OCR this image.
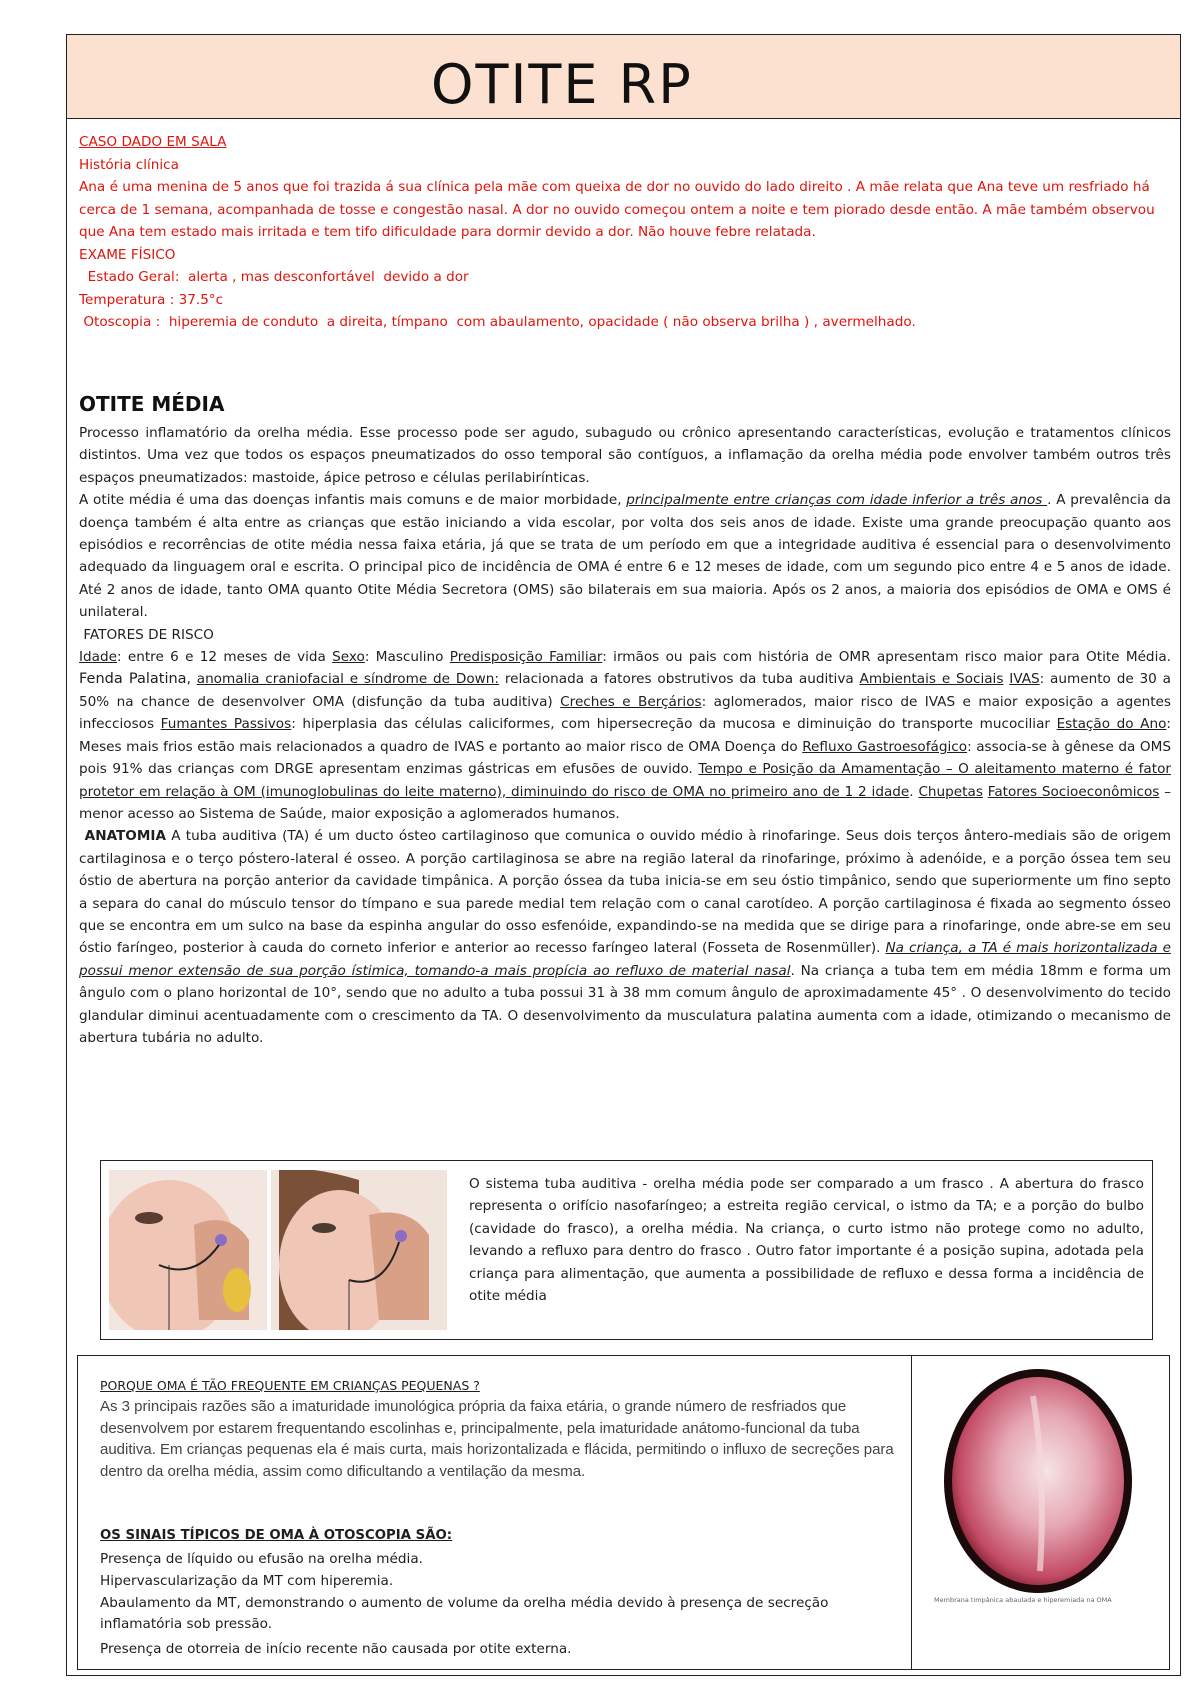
OTITE RP
CASO DADO EM SALA
História clínica
Ana é uma menina de 5 anos que foi trazida á sua clínica pela mãe com queixa de dor no ouvido do lado direito . A mãe relata que Ana teve um resfriado há cerca de 1 semana, acompanhada de tosse e congestão nasal. A dor no ouvido começou ontem a noite e tem piorado desde então. A mãe também observou que Ana tem estado mais irritada e tem tifo dificuldade para dormir devido a dor. Não houve febre relatada.
EXAME FÍSICO
Estado Geral:  alerta , mas desconfortável  devido a dor
Temperatura : 37.5°c
Otoscopia :  hiperemia de conduto  a direita, tímpano  com abaulamento, opacidade ( não observa brilha ) , avermelhado.
OTITE MÉDIA

Processo inflamatório da orelha média. Esse processo pode ser agudo, subagudo ou crônico apresentando características, evolução e tratamentos clínicos distintos. Uma vez que todos os espaços pneumatizados do osso temporal são contíguos, a inflamação da orelha média pode envolver também outros três espaços pneumatizados: mastoide, ápice petroso e células perilabirínticas.

A otite média é uma das doenças infantis mais comuns e de maior morbidade, principalmente entre crianças com idade inferior a três anos . A prevalência da doença também é alta entre as crianças que estão iniciando a vida escolar, por volta dos seis anos de idade. Existe uma grande preocupação quanto aos episódios e recorrências de otite média nessa faixa etária, já que se trata de um período em que a integridade auditiva é essencial para o desenvolvimento adequado da linguagem oral e escrita. O principal pico de incidência de OMA é entre 6 e 12 meses de idade, com um segundo pico entre 4 e 5 anos de idade. Até 2 anos de idade, tanto OMA quanto Otite Média Secretora (OMS) são bilaterais em sua maioria. Após os 2 anos, a maioria dos episódios de OMA e OMS é unilateral.

FATORES DE RISCO

Idade: entre 6 e 12 meses de vida Sexo: Masculino Predisposição Familiar: irmãos ou pais com história de OMR apresentam risco maior para Otite Média. Fenda Palatina, anomalia craniofacial e síndrome de Down: relacionada a fatores obstrutivos da tuba auditiva Ambientais e Sociais IVAS: aumento de 30 a 50% na chance de desenvolver OMA (disfunção da tuba auditiva) Creches e Berçários: aglomerados, maior risco de IVAS e maior exposição a agentes infecciosos Fumantes Passivos: hiperplasia das células caliciformes, com hipersecreção da mucosa e diminuição do transporte mucociliar Estação do Ano: Meses mais frios estão mais relacionados a quadro de IVAS e portanto ao maior risco de OMA Doença do Refluxo Gastroesofágico: associa-se à gênese da OMS pois 91% das crianças com DRGE apresentam enzimas gástricas em efusões de ouvido. Tempo e Posição da Amamentação – O aleitamento materno é fator protetor em relação à OM (imunoglobulinas do leite materno), diminuindo do risco de OMA no primeiro ano de 1 2 idade. Chupetas Fatores Socioeconômicos – menor acesso ao Sistema de Saúde, maior exposição a aglomerados humanos.

ANATOMIA A tuba auditiva (TA) é um ducto ósteo cartilaginoso que comunica o ouvido médio à rinofaringe. Seus dois terços ântero-mediais são de origem cartilaginosa e o terço póstero-lateral é osseo. A porção cartilaginosa se abre na região lateral da rinofaringe, próximo à adenóide, e a porção óssea tem seu óstio de abertura na porção anterior da cavidade timpânica. A porção óssea da tuba inicia-se em seu óstio timpânico, sendo que superiormente um fino septo a separa do canal do músculo tensor do tímpano e sua parede medial tem relação com o canal carotídeo. A porção cartilaginosa é fixada ao segmento ósseo que se encontra em um sulco na base da espinha angular do osso esfenóide, expandindo-se na medida que se dirige para a rinofaringe, onde abre-se em seu óstio faríngeo, posterior à cauda do corneto inferior e anterior ao recesso faríngeo lateral (Fosseta de Rosenmüller). Na criança, a TA é mais horizontalizada e possui menor extensão de sua porção ístimica, tomando-a mais propícia ao refluxo de material nasal. Na criança a tuba tem em média 18mm e forma um ângulo com o plano horizontal de 10°, sendo que no adulto a tuba possui 31 à 38 mm comum ângulo de aproximadamente 45° . O desenvolvimento do tecido glandular diminui acentuadamente com o crescimento da TA. O desenvolvimento da musculatura palatina aumenta com a idade, otimizando o mecanismo de abertura tubária no adulto.

O sistema tuba auditiva - orelha média pode ser comparado a um frasco . A abertura do frasco representa o orifício nasofaríngeo; a estreita região cervical, o istmo da TA; e a porção do bulbo (cavidade do frasco), a orelha média. Na criança, o curto istmo não protege como no adulto, levando a refluxo para dentro do frasco . Outro fator importante é a posição supina, adotada pela criança para alimentação, que aumenta a possibilidade de refluxo e dessa forma a incidência de otite média
PORQUE OMA É TÃO FREQUENTE EM CRIANÇAS PEQUENAS ?
As 3 principais razões são a imaturidade imunológica própria da faixa etária, o grande número de resfriados que desenvolvem por estarem frequentando escolinhas e, principalmente, pela imaturidade anátomo-funcional da tuba auditiva. Em crianças pequenas ela é mais curta, mais horizontalizada e flácida, permitindo o influxo de secreções para dentro da orelha média, assim como dificultando a ventilação da mesma.
OS SINAIS TÍPICOS DE OMA À OTOSCOPIA SÃO:
Presença de líquido ou efusão na orelha média.
Hipervascularização da MT com hiperemia.
Abaulamento da MT, demonstrando o aumento de volume da orelha média devido à presença de secreção inflamatória sob pressão.
Presença de otorreia de início recente não causada por otite externa.
Membrana timpânica abaulada e hiperemiada na OMA
